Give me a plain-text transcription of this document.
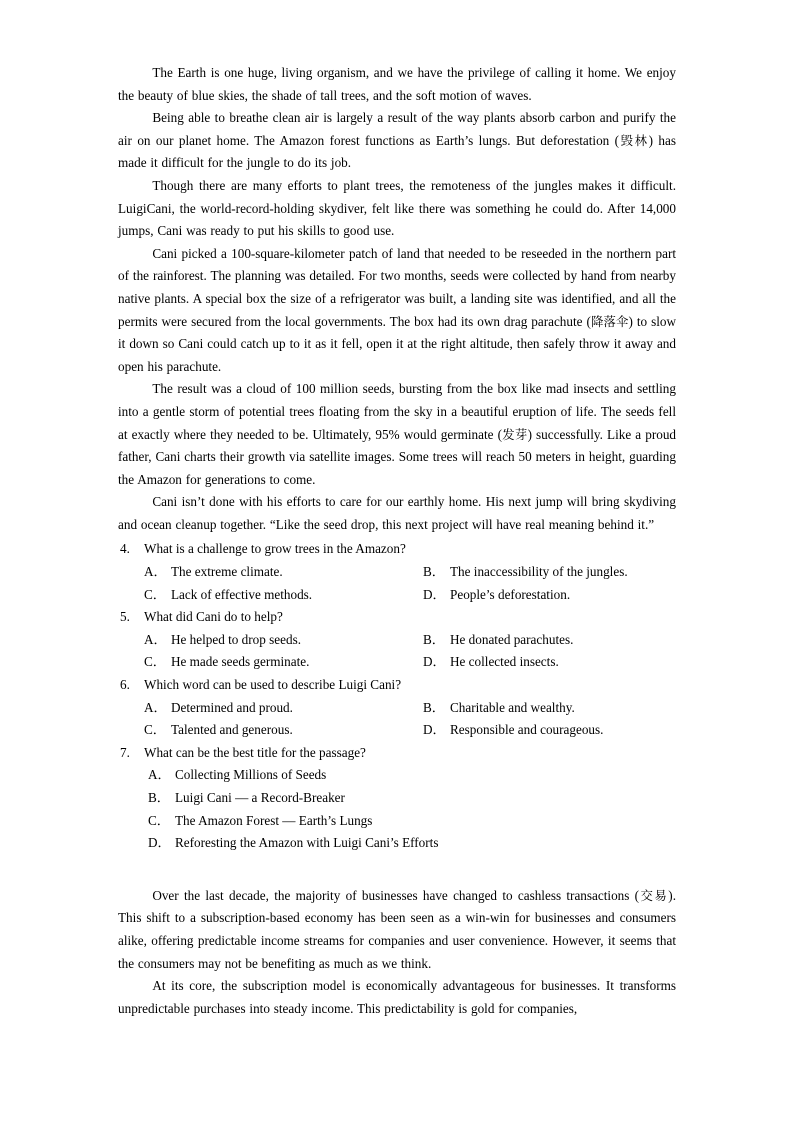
The Earth is one huge, living organism, and we have the privilege of calling it home. We enjoy the beauty of blue skies, the shade of tall trees, and the soft motion of waves.

Being able to breathe clean air is largely a result of the way plants absorb carbon and purify the air on our planet home. The Amazon forest functions as Earth’s lungs. But deforestation (毁林) has made it difficult for the jungle to do its job.

Though there are many efforts to plant trees, the remoteness of the jungles makes it difficult. LuigiCani, the world-record-holding skydiver, felt like there was something he could do. After 14,000 jumps, Cani was ready to put his skills to good use.

Cani picked a 100-square-kilometer patch of land that needed to be reseeded in the northern part of the rainforest. The planning was detailed. For two months, seeds were collected by hand from nearby native plants. A special box the size of a refrigerator was built, a landing site was identified, and all the permits were secured from the local governments. The box had its own drag parachute (降落伞) to slow it down so Cani could catch up to it as it fell, open it at the right altitude, then safely throw it away and open his parachute.

The result was a cloud of 100 million seeds, bursting from the box like mad insects and settling into a gentle storm of potential trees floating from the sky in a beautiful eruption of life. The seeds fell at exactly where they needed to be. Ultimately, 95% would germinate (发芽) successfully. Like a proud father, Cani charts their growth via satellite images. Some trees will reach 50 meters in height, guarding the Amazon for generations to come.

Cani isn’t done with his efforts to care for our earthly home. His next jump will bring skydiving and ocean cleanup together. “Like the seed drop, this next project will have real meaning behind it.”

4.	What is a challenge to grow trees in the Amazon?
A． The extreme climate.	B． The inaccessibility of the jungles.
C． Lack of effective methods.	D． People’s deforestation.
5.	What did Cani do to help?
A． He helped to drop seeds.	B． He donated parachutes.
C． He made seeds germinate.	D． He collected insects.
6.	Which word can be used to describe Luigi Cani?
A． Determined and proud.	B． Charitable and wealthy.
C． Talented and generous.	D． Responsible and courageous.
7.	What can be the best title for the passage?
A． Collecting Millions of Seeds
B． Luigi Cani — a Record-Breaker
C． The Amazon Forest — Earth’s Lungs
D． Reforesting the Amazon with Luigi Cani’s Efforts

Over the last decade, the majority of businesses have changed to cashless transactions (交易). This shift to a subscription-based economy has been seen as a win-win for businesses and consumers alike, offering predictable income streams for companies and user convenience. However, it seems that the consumers may not be benefiting as much as we think.

At its core, the subscription model is economically advantageous for businesses. It transforms unpredictable purchases into steady income. This predictability is gold for companies,
